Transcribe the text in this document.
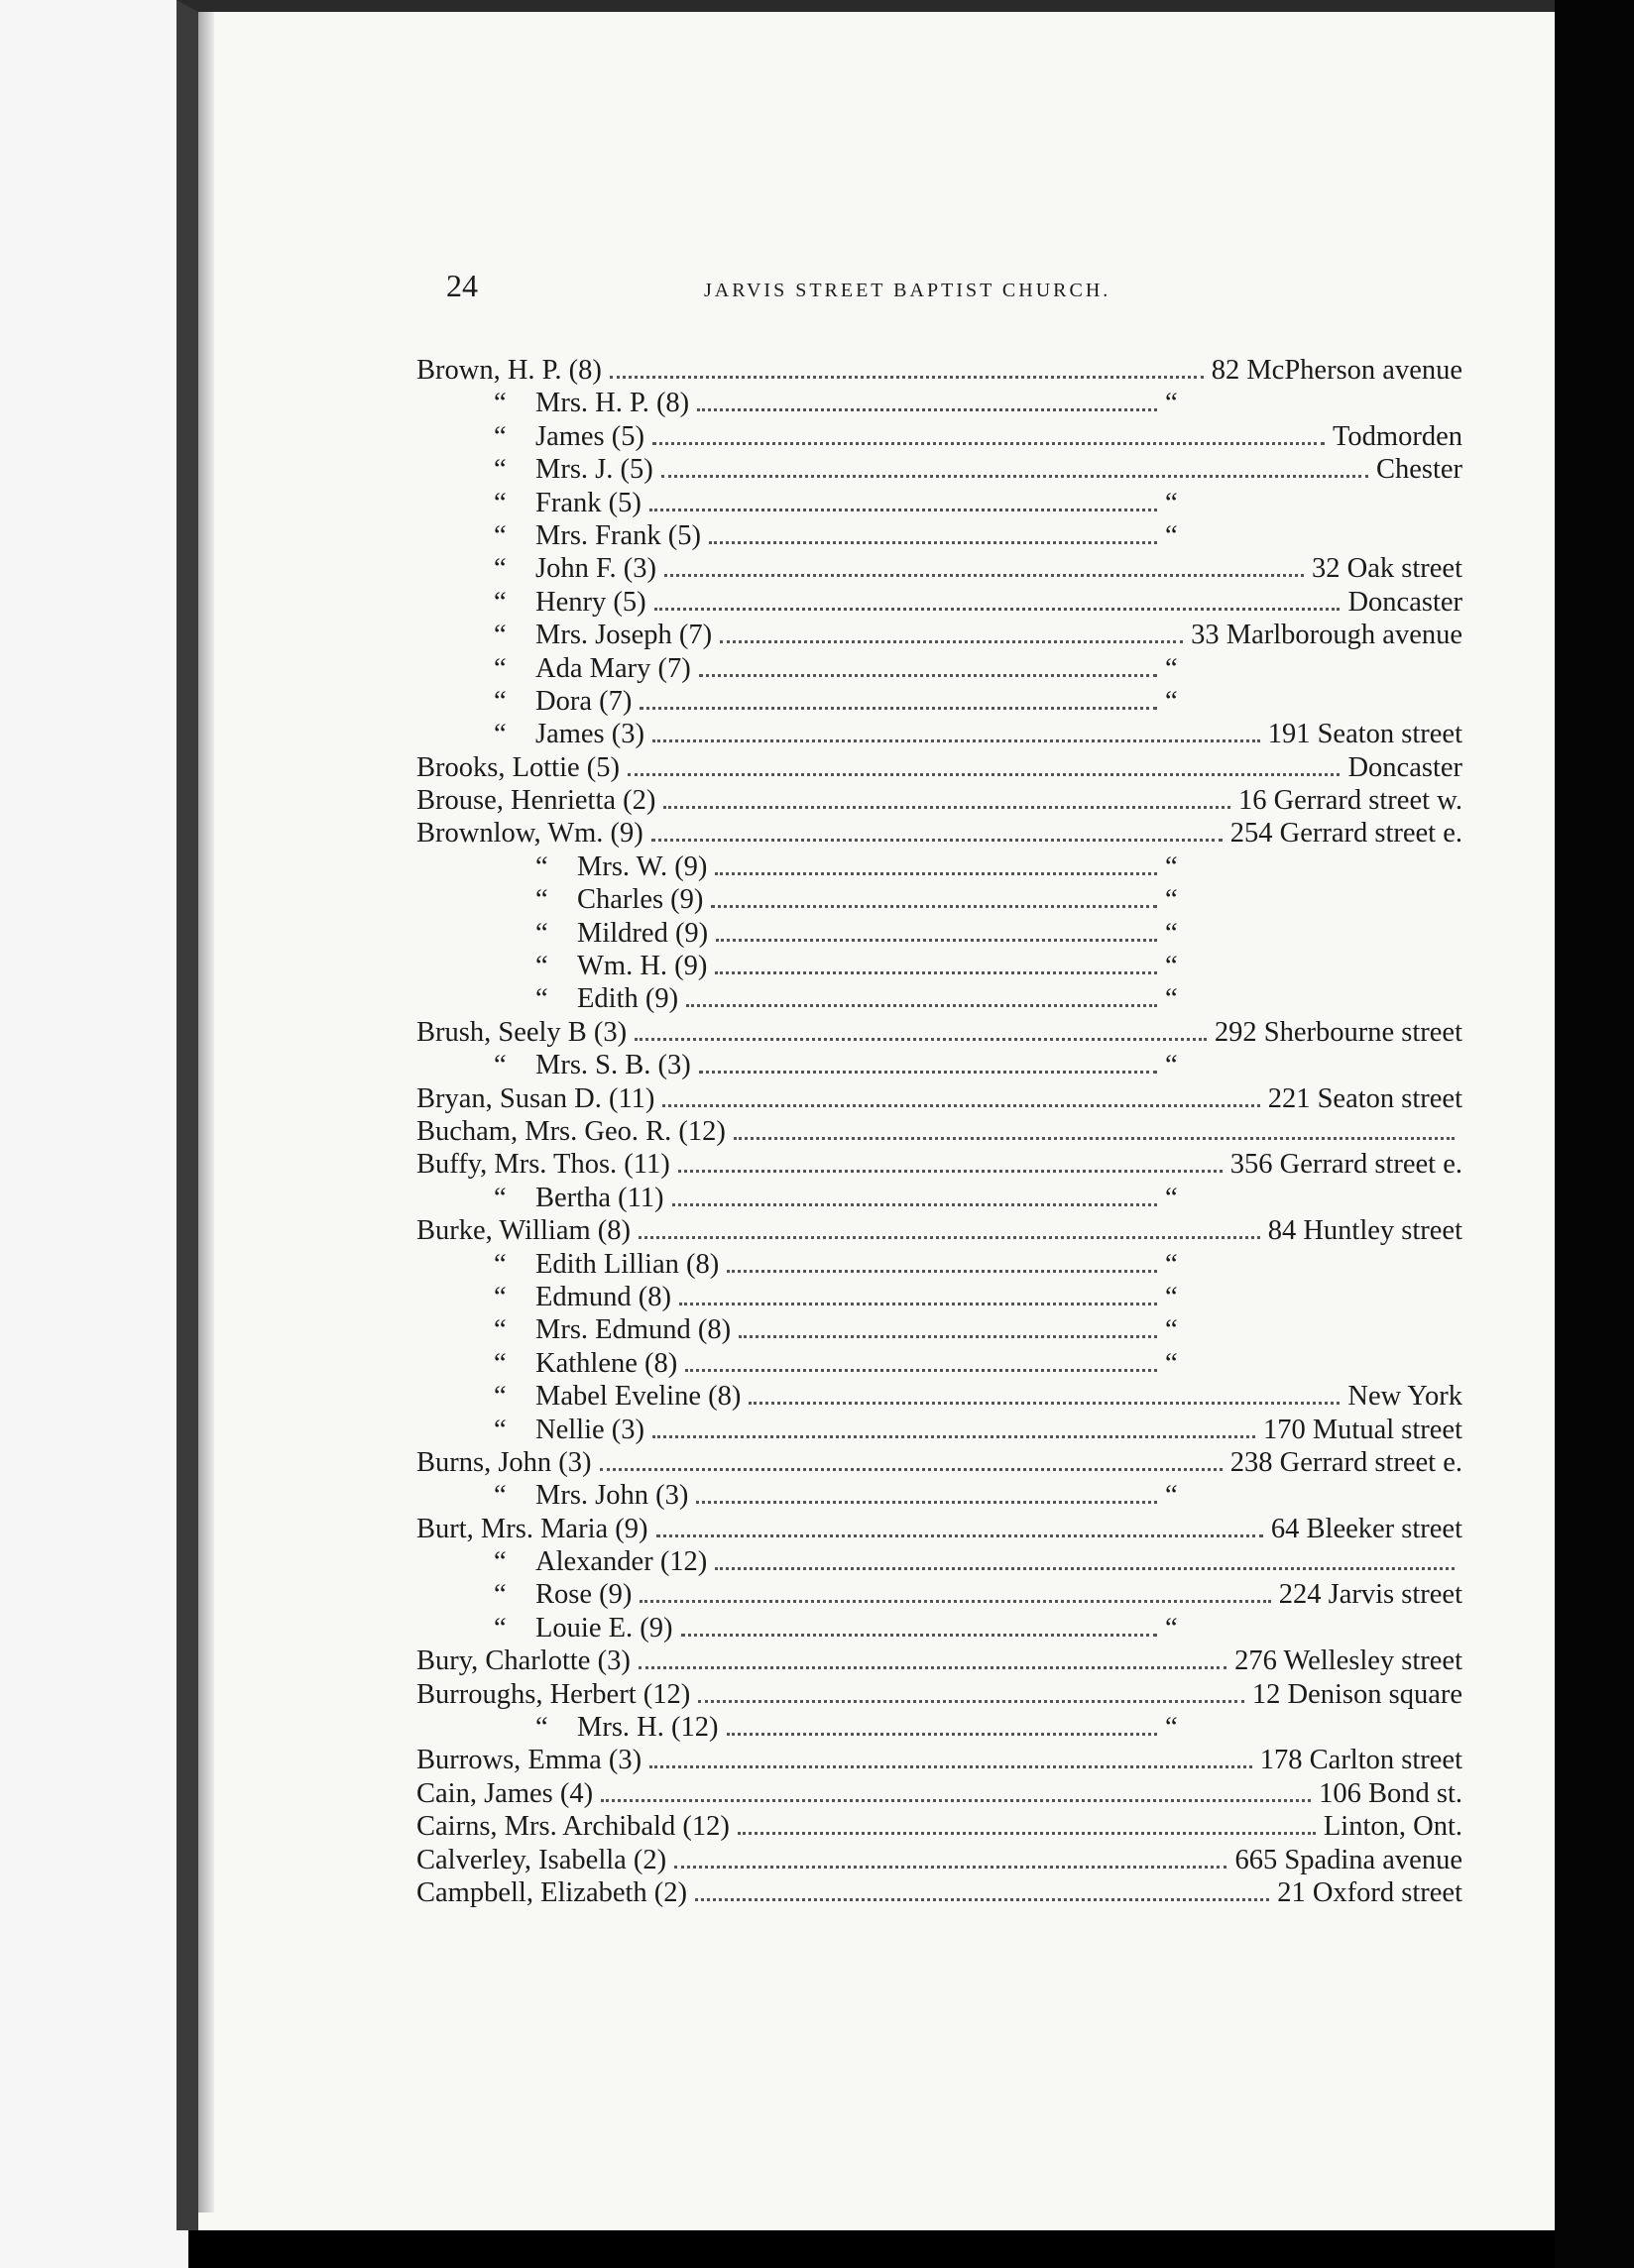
24	JARVIS STREET BAPTIST CHURCH.
Brown, H. P. (8)	82 McPherson avenue
“ Mrs. H. P. (8)	“
“ James (5)	Todmorden
“ Mrs. J. (5)	Chester
“ Frank (5)	“
“ Mrs. Frank (5)	“
“ John F. (3)	32 Oak street
“ Henry (5)	Doncaster
“ Mrs. Joseph (7)	33 Marlborough avenue
“ Ada Mary (7)	“
“ Dora (7)	“
“ James (3)	191 Seaton street
Brooks, Lottie (5)	Doncaster
Brouse, Henrietta (2)	16 Gerrard street w.
Brownlow, Wm. (9)	254 Gerrard street e.
“ Mrs. W. (9)	“
“ Charles (9)	“
“ Mildred (9)	“
“ Wm. H. (9)	“
“ Edith (9)	“
Brush, Seely B (3)	292 Sherbourne street
“ Mrs. S. B. (3)	“
Bryan, Susan D. (11)	221 Seaton street
Bucham, Mrs. Geo. R. (12)
Buffy, Mrs. Thos. (11)	356 Gerrard street e.
“ Bertha (11)	“
Burke, William (8)	84 Huntley street
“ Edith Lillian (8)	“
“ Edmund (8)	“
“ Mrs. Edmund (8)	“
“ Kathlene (8)	“
“ Mabel Eveline (8)	New York
“ Nellie (3)	170 Mutual street
Burns, John (3)	238 Gerrard street e.
“ Mrs. John (3)	“
Burt, Mrs. Maria (9)	64 Bleeker street
“ Alexander (12)
“ Rose (9)	224 Jarvis street
“ Louie E. (9)	“
Bury, Charlotte (3)	276 Wellesley street
Burroughs, Herbert (12)	12 Denison square
“ Mrs. H. (12)	“
Burrows, Emma (3)	178 Carlton street
Cain, James (4)	106 Bond st.
Cairns, Mrs. Archibald (12)	Linton, Ont.
Calverley, Isabella (2)	665 Spadina avenue
Campbell, Elizabeth (2)	21 Oxford street
